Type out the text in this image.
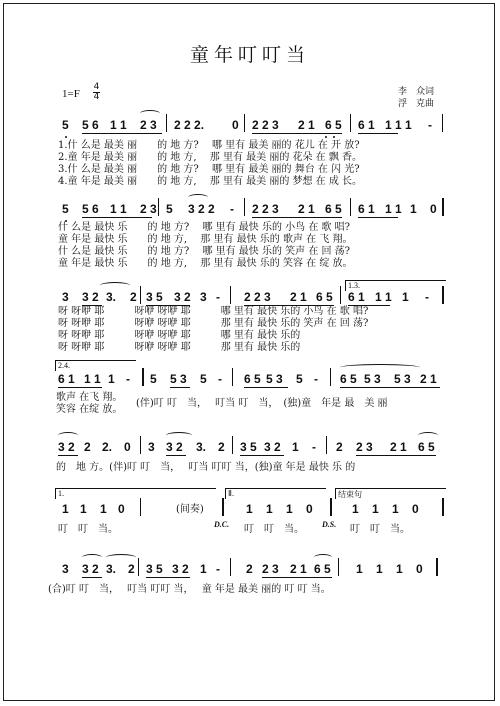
童年叮叮当
1=F
4
4	李　众词
浮　克曲
5 5 6 1 1 2 3 2 2 2. 0 2 2 3 2 1 6 5 6 1 1 1 1 -
1.什 么是 最美 丽　　的 地 方?　 哪 里有 最美 丽的 花儿 在 开 放?
2.童 年是 最美 丽　　的 地 方,　 那 里有 最美 丽的 花朵 在 飘 香。
3.什 么是 最美 丽　　的 地 方?　 哪 里有 最美 丽的 舞台 在 闪 光?
4.童 年是 最美 丽　　的 地 方,　 那 里有 最美 丽的 梦想 在 成 长。
5 5 6 1 1 2 3 5 3 2 2 - 2 2 3 2 1 6 5 6 1 1 1 1 0
什 么是 最快 乐　　的 地 方?　 哪 里有 最快 乐的 小鸟 在 歌 唱?
童 年是 最快 乐　　的 地 方,　 那 里有 最快 乐的 歌声 在 飞 翔。
什 么是 最快 乐　　的 地 方?　 哪 里有 最快 乐的 笑声 在 回 荡?
童 年是 最快 乐　　的 地 方,　 那 里有 最快 乐的 笑容 在 绽 放。
1.3.
3 3 2 3. 2 3 5 3 2 3 - 2 2 3 2 1 6 5 6 1 1 1 1 -
呀 呀咿 耶　　　呀咿 呀咿 耶　　　哪 里有 最快 乐的 小鸟 在 歌 唱?
呀 呀咿 耶　　　呀咿 呀咿 耶　　　那 里有 最快 乐的 笑声 在 回 荡?
呀 呀咿 耶　　　呀咿 呀咿 耶　　　哪 里有 最快 乐的
呀 呀咿 耶　　　呀咿 呀咿 耶　　　那 里有 最快 乐的
2.4.
6 1 1 1 1 - 5 5 3 5 - 6 5 5 3 5 - 6 5 5 3 5 3 2 1
歌声 在飞 翔。
笑容 在绽 放。
(伴)叮 叮　当，　 叮当 叮　当，　(独)童　年是 最　美 丽
3 2 2 2. 0 3 3 2 3. 2 3 5 3 2 1 - 2 2 3 2 1 6 5
的　地 方。(伴)叮 叮　当，　 叮当 叮叮 当，(独)童 年是 最快 乐 的
1.	Ⅱ.	结束句
1 1 1 0	(间奏)	1 1 1 0	1 1 1 0
D.C.	D.S.
叮　叮　当。	叮　叮　当。	叮　叮　当。
3 3 2 3. 2 3 5 3 2 1 - 2 2 3 2 1 6 5 1 1 1 0
(合)叮 叮　当，　 叮当 叮叮 当，　 童 年是 最美 丽的 叮 叮 当。
